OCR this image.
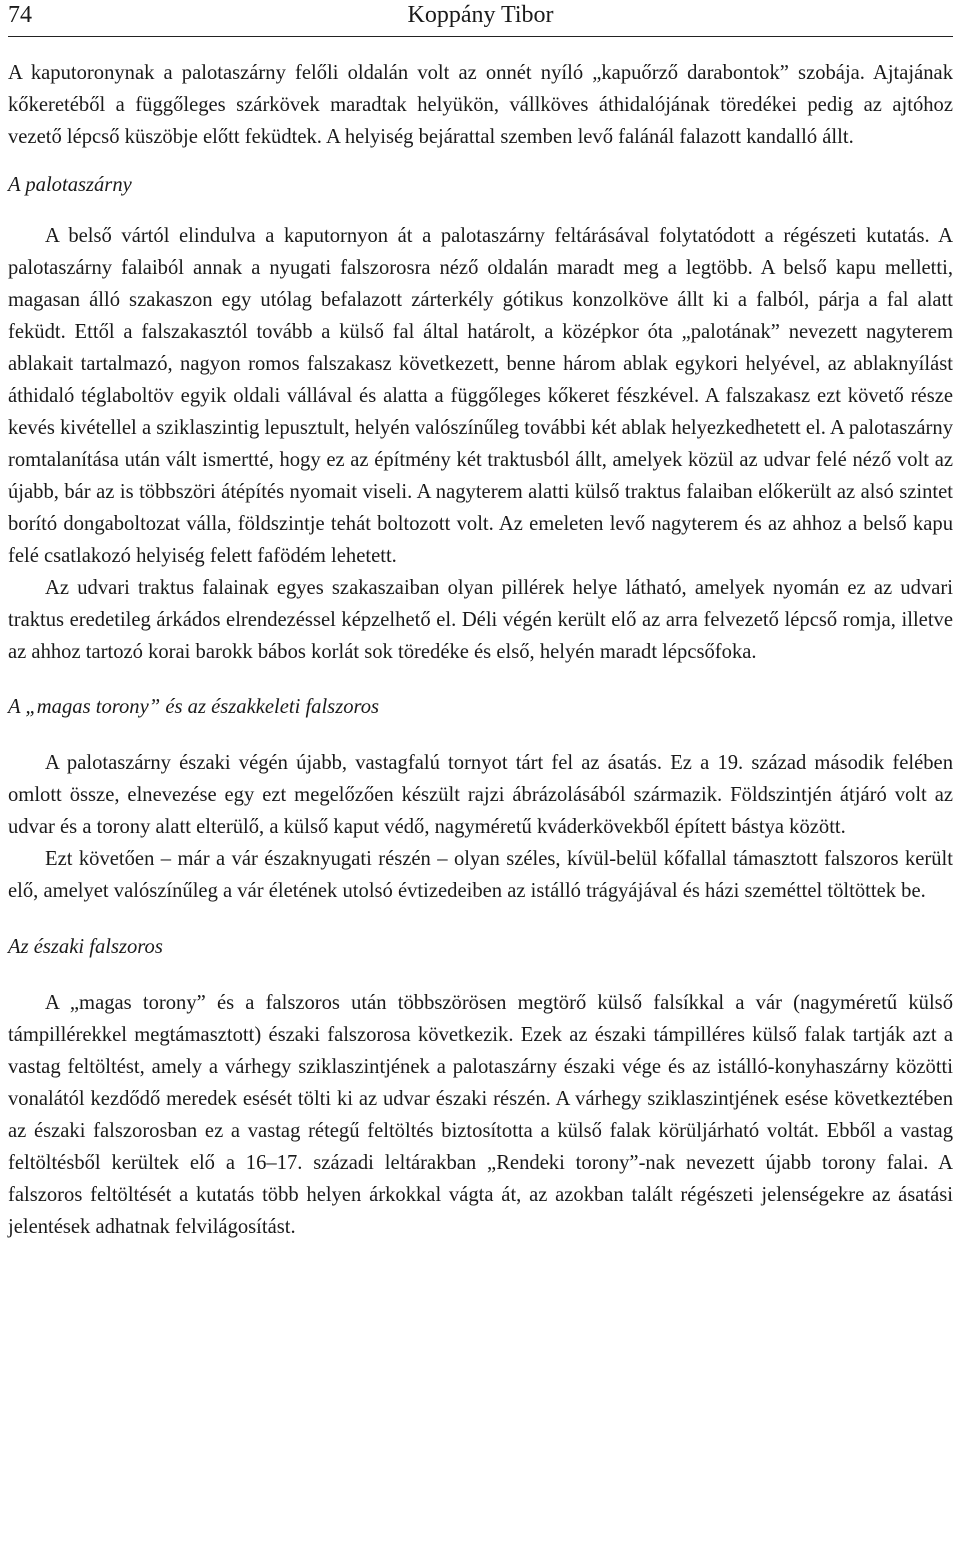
74	Koppány Tibor

A kaputoronynak a palotaszárny felőli oldalán volt az onnét nyíló „kapuőrző darabontok” szobája. Ajtajának kőkeretéből a függőleges szárkövek maradtak helyükön, vállköves áthidalójának töredékei pedig az ajtóhoz vezető lépcső küszöbje előtt feküdtek. A helyiség bejárattal szemben levő falánál falazott kandalló állt.

A palotaszárny

A belső vártól elindulva a kaputornyon át a palotaszárny feltárásával folytatódott a régészeti kutatás. A palotaszárny falaiból annak a nyugati falszorosra néző oldalán maradt meg a legtöbb. A belső kapu melletti, magasan álló szakaszon egy utólag befalazott zárterkély gótikus konzolköve állt ki a falból, párja a fal alatt feküdt. Ettől a falszakasztól tovább a külső fal által határolt, a középkor óta „palotának” nevezett nagyterem ablakait tartalmazó, nagyon romos falszakasz következett, benne három ablak egykori helyével, az ablaknyílást áthidaló téglaboltöv egyik oldali vállával és alatta a függőleges kőkeret fészkével. A falszakasz ezt követő része kevés kivétellel a sziklaszintig lepusztult, helyén valószínűleg további két ablak helyezkedhetett el. A palotaszárny romtalanítása után vált ismertté, hogy ez az építmény két traktusból állt, amelyek közül az udvar felé néző volt az újabb, bár az is többszöri átépítés nyomait viseli. A nagyterem alatti külső traktus falaiban előkerült az alsó szintet borító dongaboltozat válla, földszintje tehát boltozott volt. Az emeleten levő nagyterem és az ahhoz a belső kapu felé csatlakozó helyiség felett fafödém lehetett.

Az udvari traktus falainak egyes szakaszaiban olyan pillérek helye látható, amelyek nyomán ez az udvari traktus eredetileg árkádos elrendezéssel képzelhető el. Déli végén került elő az arra felvezető lépcső romja, illetve az ahhoz tartozó korai barokk bábos korlát sok töredéke és első, helyén maradt lépcsőfoka.

A „magas torony” és az északkeleti falszoros

A palotaszárny északi végén újabb, vastagfalú tornyot tárt fel az ásatás. Ez a 19. század második felében omlott össze, elnevezése egy ezt megelőzően készült rajzi ábrázolásából származik. Földszintjén átjáró volt az udvar és a torony alatt elterülő, a külső kaput védő, nagyméretű kváderkövekből épített bástya között.

Ezt követően – már a vár északnyugati részén – olyan széles, kívül-belül kőfallal támasztott falszoros került elő, amelyet valószínűleg a vár életének utolsó évtizedeiben az istálló trágyájával és házi szeméttel töltöttek be.

Az északi falszoros

A „magas torony” és a falszoros után többszörösen megtörő külső falsíkkal a vár (nagyméretű külső támpillérekkel megtámasztott) északi falszorosa következik. Ezek az északi támpilléres külső falak tartják azt a vastag feltöltést, amely a várhegy sziklaszintjének a palotaszárny északi vége és az istálló-konyhaszárny közötti vonalától kezdődő meredek esését tölti ki az udvar északi részén. A várhegy sziklaszintjének esése következtében az északi falszorosban ez a vastag rétegű feltöltés biztosította a külső falak körüljárható voltát. Ebből a vastag feltöltésből kerültek elő a 16–17. századi leltárakban „Rendeki torony”-nak nevezett újabb torony falai. A falszoros feltöltését a kutatás több helyen árkokkal vágta át, az azokban talált régészeti jelenségekre az ásatási jelentések adhatnak felvilágosítást.
